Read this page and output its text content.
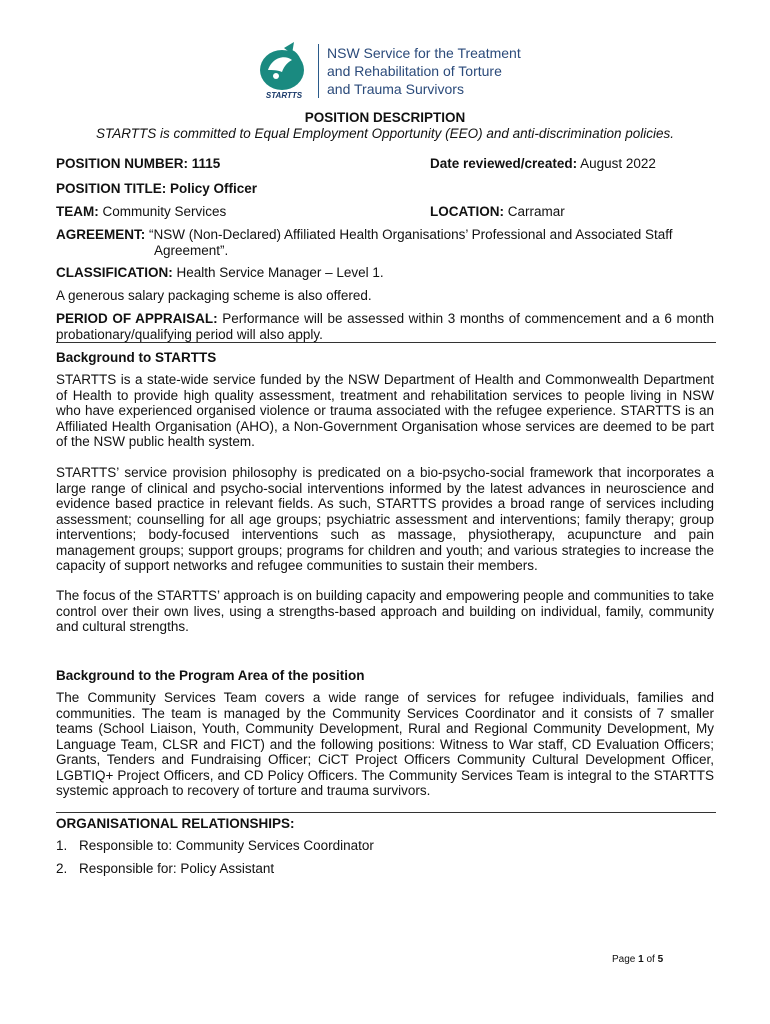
STARTTS
NSW Service for the Treatment
and Rehabilitation of Torture
and Trauma Survivors
POSITION DESCRIPTION
STARTTS is committed to Equal Employment Opportunity (EEO) and anti-discrimination policies.
POSITION NUMBER: 1115	Date reviewed/created: August 2022
POSITION TITLE: Policy Officer
TEAM: Community Services	LOCATION: Carramar
AGREEMENT: “NSW (Non-Declared) Affiliated Health Organisations’ Professional and Associated Staff
Agreement”.
CLASSIFICATION: Health Service Manager – Level 1.
A generous salary packaging scheme is also offered.
PERIOD OF APPRAISAL: Performance will be assessed within 3 months of commencement and a 6 month probationary/qualifying period will also apply.
Background to STARTTS
STARTTS is a state-wide service funded by the NSW Department of Health and Commonwealth Department of Health to provide high quality assessment, treatment and rehabilitation services to people living in NSW who have experienced organised violence or trauma associated with the refugee experience. STARTTS is an Affiliated Health Organisation (AHO), a Non-Government Organisation whose services are deemed to be part of the NSW public health system.
STARTTS’ service provision philosophy is predicated on a bio-psycho-social framework that incorporates a large range of clinical and psycho-social interventions informed by the latest advances in neuroscience and evidence based practice in relevant fields. As such, STARTTS provides a broad range of services including assessment; counselling for all age groups; psychiatric assessment and interventions; family therapy; group interventions; body-focused interventions such as massage, physiotherapy, acupuncture and pain management groups; support groups; programs for children and youth; and various strategies to increase the capacity of support networks and refugee communities to sustain their members.
The focus of the STARTTS’ approach is on building capacity and empowering people and communities to take control over their own lives, using a strengths-based approach and building on individual, family, community and cultural strengths.
Background to the Program Area of the position
The Community Services Team covers a wide range of services for refugee individuals, families and communities. The team is managed by the Community Services Coordinator and it consists of 7 smaller teams (School Liaison, Youth, Community Development, Rural and Regional Community Development, My Language Team, CLSR and FICT) and the following positions: Witness to War staff, CD Evaluation Officers; Grants, Tenders and Fundraising Officer; CiCT Project Officers Community Cultural Development Officer, LGBTIQ+ Project Officers, and CD Policy Officers. The Community Services Team is integral to the STARTTS systemic approach to recovery of torture and trauma survivors.
ORGANISATIONAL RELATIONSHIPS:
1. Responsible to: Community Services Coordinator
2. Responsible for: Policy Assistant
Page 1 of 5
